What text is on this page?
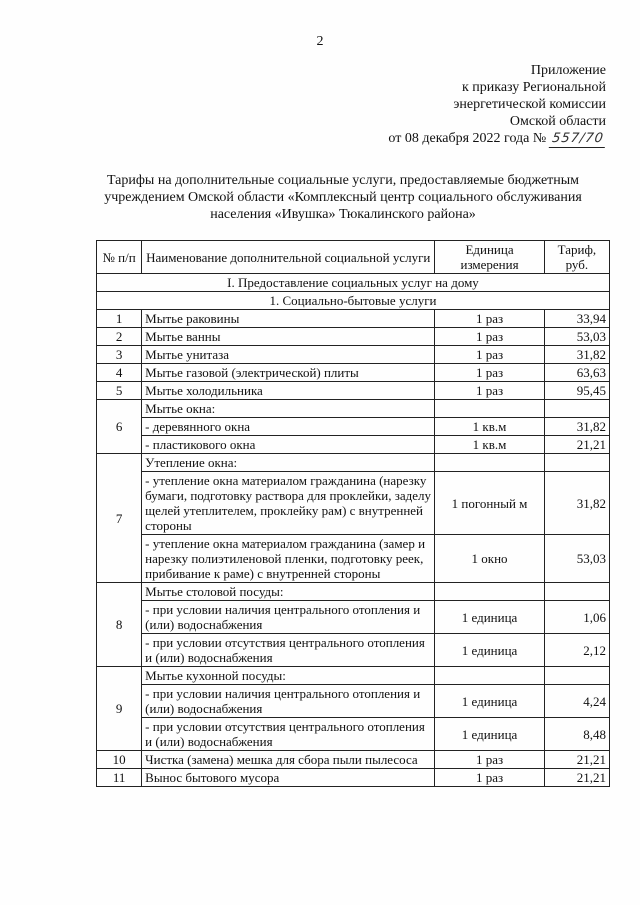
2
Приложение
к приказу Региональной
энергетической комиссии
Омской области
от 08 декабря 2022 года № 557/70
Тарифы на дополнительные социальные услуги, предоставляемые бюджетным учреждением Омской области «Комплексный центр социального обслуживания населения «Ивушка» Тюкалинского района»
№ п/п	Наименование дополнительной социальной услуги	Единица измерения	Тариф, руб.
I. Предоставление социальных услуг на дому			
1. Социально-бытовые услуги			
1	Мытье раковины	1 раз	33,94
2	Мытье ванны	1 раз	53,03
3	Мытье унитаза	1 раз	31,82
4	Мытье газовой (электрической) плиты	1 раз	63,63
5	Мытье холодильника	1 раз	95,45
6	Мытье окна:		
	- деревянного окна	1 кв.м	31,82
	- пластикового окна	1 кв.м	21,21
7	Утепление окна:		
	- утепление окна материалом гражданина (нарезку бумаги, подготовку раствора для проклейки, заделу щелей утеплителем, проклейку рам) с внутренней стороны	1 погонный м	31,82
	- утепление окна материалом гражданина (замер и нарезку полиэтиленовой пленки, подготовку реек, прибивание к раме) с внутренней стороны	1 окно	53,03
8	Мытье столовой посуды:		
	- при условии наличия центрального отопления и (или) водоснабжения	1 единица	1,06
	- при условии отсутствия центрального отопления и (или) водоснабжения	1 единица	2,12
9	Мытье кухонной посуды:		
	- при условии наличия центрального отопления и (или) водоснабжения	1 единица	4,24
	- при условии отсутствия центрального отопления и (или) водоснабжения	1 единица	8,48
10	Чистка (замена) мешка для сбора пыли пылесоса	1 раз	21,21
11	Вынос бытового мусора	1 раз	21,21
